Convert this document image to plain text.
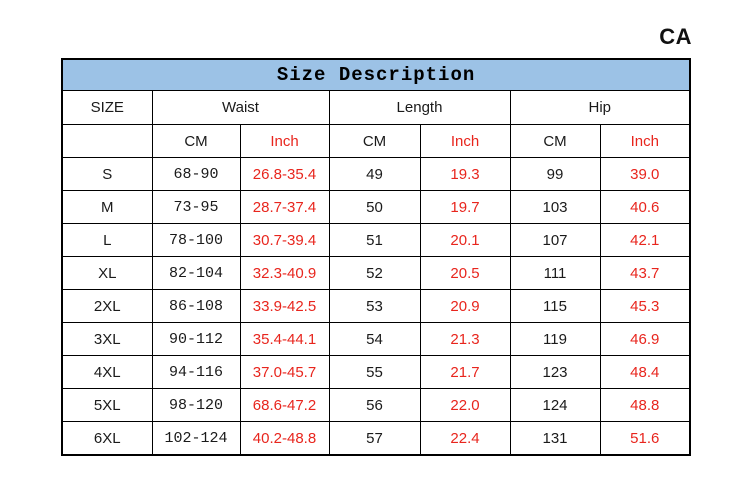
CA
Size Description						
SIZE	Waist		Length		Hip	
	CM	Inch	CM	Inch	CM	Inch
S	68-90	26.8-35.4	49	19.3	99	39.0
M	73-95	28.7-37.4	50	19.7	103	40.6
L	78-100	30.7-39.4	51	20.1	107	42.1
XL	82-104	32.3-40.9	52	20.5	111	43.7
2XL	86-108	33.9-42.5	53	20.9	115	45.3
3XL	90-112	35.4-44.1	54	21.3	119	46.9
4XL	94-116	37.0-45.7	55	21.7	123	48.4
5XL	98-120	68.6-47.2	56	22.0	124	48.8
6XL	102-124	40.2-48.8	57	22.4	131	51.6
